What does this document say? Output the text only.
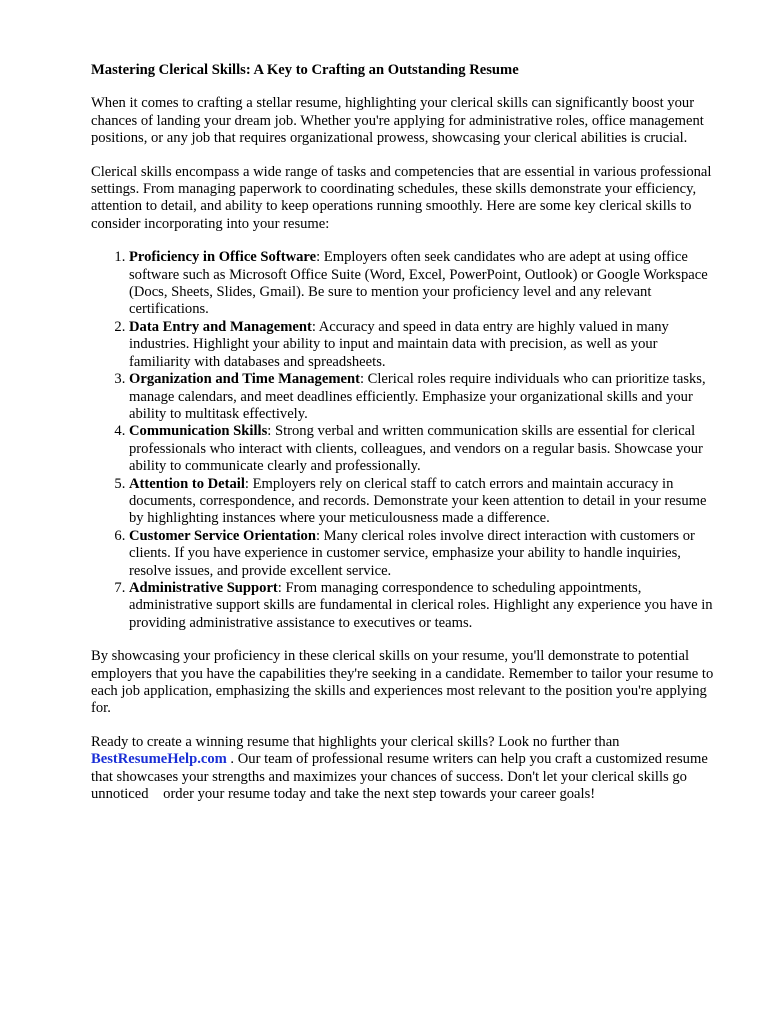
Mastering Clerical Skills: A Key to Crafting an Outstanding Resume

When it comes to crafting a stellar resume, highlighting your clerical skills can significantly boost your chances of landing your dream job. Whether you're applying for administrative roles, office management positions, or any job that requires organizational prowess, showcasing your clerical abilities is crucial.

Clerical skills encompass a wide range of tasks and competencies that are essential in various professional settings. From managing paperwork to coordinating schedules, these skills demonstrate your efficiency, attention to detail, and ability to keep operations running smoothly. Here are some key clerical skills to consider incorporating into your resume:

1. Proficiency in Office Software: Employers often seek candidates who are adept at using office software such as Microsoft Office Suite (Word, Excel, PowerPoint, Outlook) or Google Workspace (Docs, Sheets, Slides, Gmail). Be sure to mention your proficiency level and any relevant certifications.
2. Data Entry and Management: Accuracy and speed in data entry are highly valued in many industries. Highlight your ability to input and maintain data with precision, as well as your familiarity with databases and spreadsheets.
3. Organization and Time Management: Clerical roles require individuals who can prioritize tasks, manage calendars, and meet deadlines efficiently. Emphasize your organizational skills and your ability to multitask effectively.
4. Communication Skills: Strong verbal and written communication skills are essential for clerical professionals who interact with clients, colleagues, and vendors on a regular basis. Showcase your ability to communicate clearly and professionally.
5. Attention to Detail: Employers rely on clerical staff to catch errors and maintain accuracy in documents, correspondence, and records. Demonstrate your keen attention to detail in your resume by highlighting instances where your meticulousness made a difference.
6. Customer Service Orientation: Many clerical roles involve direct interaction with customers or clients. If you have experience in customer service, emphasize your ability to handle inquiries, resolve issues, and provide excellent service.
7. Administrative Support: From managing correspondence to scheduling appointments, administrative support skills are fundamental in clerical roles. Highlight any experience you have in providing administrative assistance to executives or teams.

By showcasing your proficiency in these clerical skills on your resume, you'll demonstrate to potential employers that you have the capabilities they're seeking in a candidate. Remember to tailor your resume to each job application, emphasizing the skills and experiences most relevant to the position you're applying for.

Ready to create a winning resume that highlights your clerical skills? Look no further than BestResumeHelp.com . Our team of professional resume writers can help you craft a customized resume that showcases your strengths and maximizes your chances of success. Don't let your clerical skills go unnoticed    order your resume today and take the next step towards your career goals!
